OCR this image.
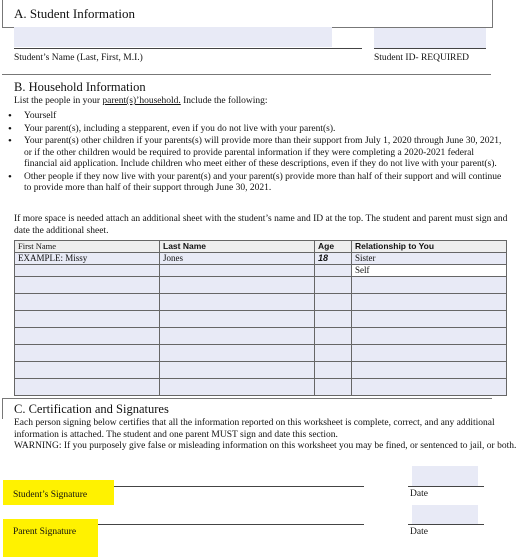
A. Student Information
Student’s Name (Last, First, M.I.)	Student ID- REQUIRED
B. Household Information
List the people in your parent(s)’household. Include the following:
• Yourself
• Your parent(s), including a stepparent, even if you do not live with your parent(s).
• Your parent(s) other children if your parents(s) will provide more than their support from July 1, 2020 through June 30, 2021, or if the other children would be required to provide parental information if they were completing a 2020-2021 federal financial aid application. Include children who meet either of these descriptions, even if they do not live with your parent(s).
• Other people if they now live with your parent(s) and your parent(s) provide more than half of their support and will continue to provide more than half of their support through June 30, 2021.
If more space is needed attach an additional sheet with the student’s name and ID at the top. The student and parent must sign and date the additional sheet.
First Name	Last Name	Age	Relationship to You
EXAMPLE: Missy	Jones	18	Sister
			Self

C. Certification and Signatures
Each person signing below certifies that all the information reported on this worksheet is complete, correct, and any additional information is attached. The student and one parent MUST sign and date this section.
WARNING: If you purposely give false or misleading information on this worksheet you may be fined, or sentenced to jail, or both.
Student’s Signature	Date
Parent Signature	Date
